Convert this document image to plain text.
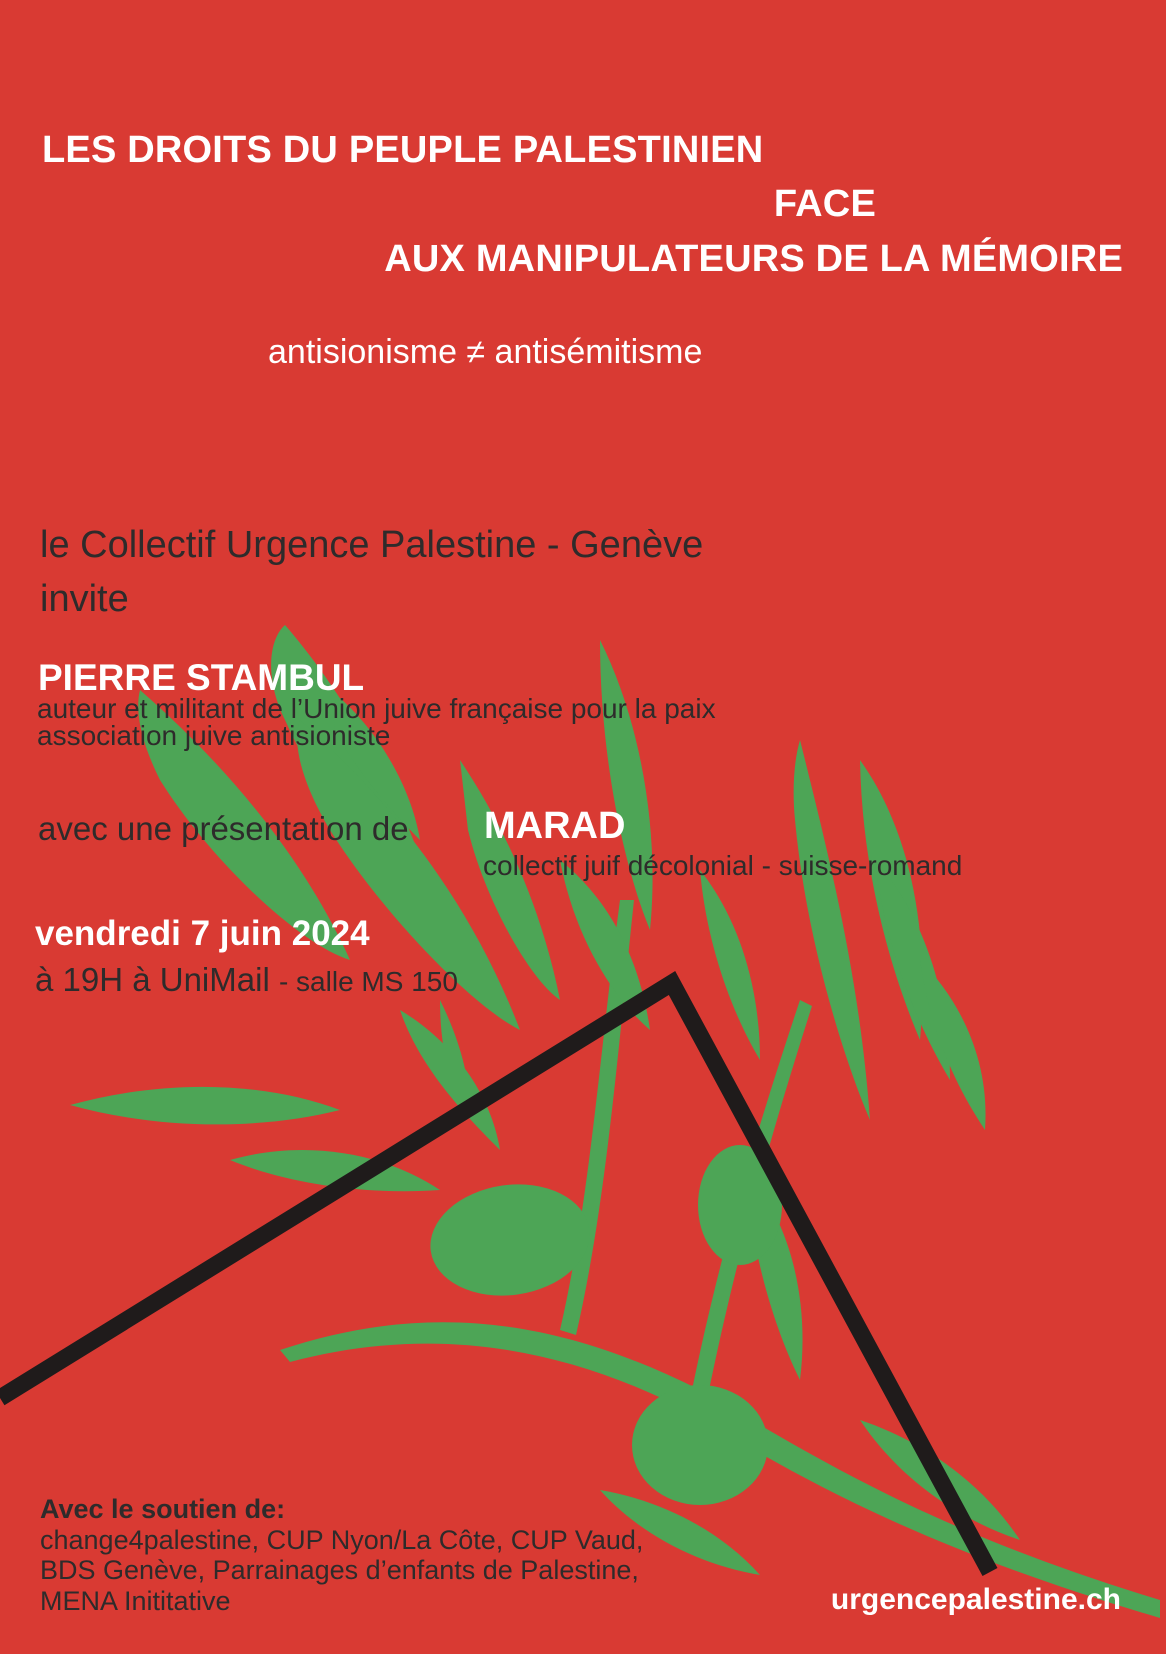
LES DROITS DU PEUPLE PALESTINIEN

FACE

AUX MANIPULATEURS DE LA MÉMOIRE

antisionisme ≠ antisémitisme

le Collectif Urgence Palestine - Genève

invite

PIERRE STAMBUL

auteur et militant de l’Union juive française pour la paix

association juive antisioniste

avec une présentation de MARAD

collectif juif décolonial - suisse-romand

vendredi 7 juin 2024

à 19H à UniMail - salle MS 150

Avec le soutien de:
change4palestine, CUP Nyon/La Côte, CUP Vaud,
BDS Genève, Parrainages d’enfants de Palestine,
MENA Inititative	urgencepalestine.ch
